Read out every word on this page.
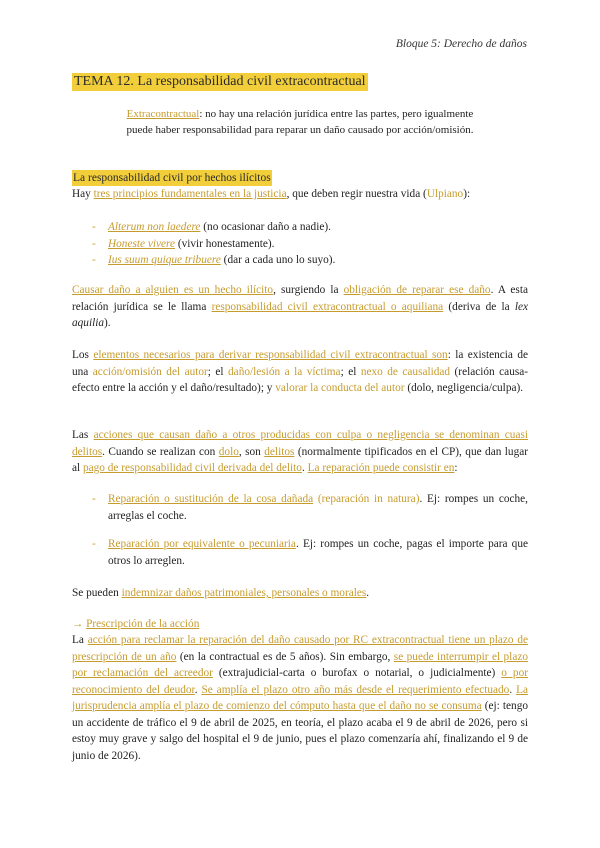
Bloque 5: Derecho de daños
TEMA 12. La responsabilidad civil extracontractual
Extracontractual: no hay una relación jurídica entre las partes, pero igualmente puede haber responsabilidad para reparar un daño causado por acción/omisión.
La responsabilidad civil por hechos ilícitos
Hay tres principios fundamentales en la justicia, que deben regir nuestra vida (Ulpiano):
- Alterum non laedere (no ocasionar daño a nadie).
- Honeste vivere (vivir honestamente).
- Ius suum quique tribuere (dar a cada uno lo suyo).
Causar daño a alguien es un hecho ilícito, surgiendo la obligación de reparar ese daño. A esta relación jurídica se le llama responsabilidad civil extracontractual o aquiliana (deriva de la lex aquilia).
Los elementos necesarios para derivar responsabilidad civil extracontractual son: la existencia de una acción/omisión del autor; el daño/lesión a la víctima; el nexo de causalidad (relación causa-efecto entre la acción y el daño/resultado); y valorar la conducta del autor (dolo, negligencia/culpa).
Las acciones que causan daño a otros producidas con culpa o negligencia se denominan cuasi delitos. Cuando se realizan con dolo, son delitos (normalmente tipificados en el CP), que dan lugar al pago de responsabilidad civil derivada del delito. La reparación puede consistir en:
- Reparación o sustitución de la cosa dañada (reparación in natura). Ej: rompes un coche, arreglas el coche.
- Reparación por equivalente o pecuniaria. Ej: rompes un coche, pagas el importe para que otros lo arreglen.
Se pueden indemnizar daños patrimoniales, personales o morales.
→ Prescripción de la acción
La acción para reclamar la reparación del daño causado por RC extracontractual tiene un plazo de prescripción de un año (en la contractual es de 5 años). Sin embargo, se puede interrumpir el plazo por reclamación del acreedor (extrajudicial-carta o burofax o notarial, o judicialmente) o por reconocimiento del deudor. Se amplía el plazo otro año más desde el requerimiento efectuado. La jurisprudencia amplía el plazo de comienzo del cómputo hasta que el daño no se consuma (ej: tengo un accidente de tráfico el 9 de abril de 2025, en teoría, el plazo acaba el 9 de abril de 2026, pero si estoy muy grave y salgo del hospital el 9 de junio, pues el plazo comenzaría ahí, finalizando el 9 de junio de 2026).
